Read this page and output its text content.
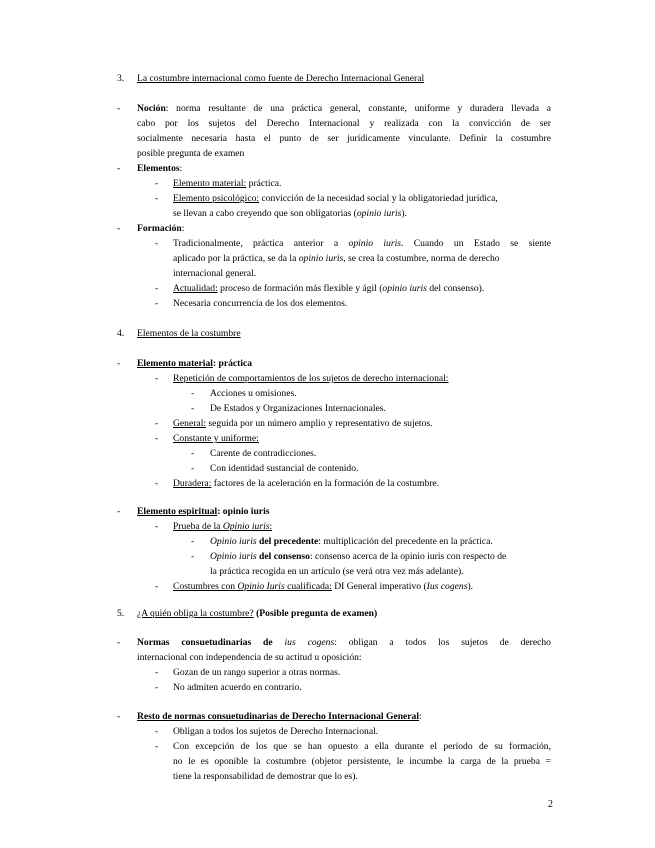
3. La costumbre internacional como fuente de Derecho Internacional General
- Noción: norma resultante de una práctica general, constante, uniforme y duradera llevada a
cabo por los sujetos del Derecho Internacional y realizada con la convicción de ser
socialmente necesaria hasta el punto de ser jurídicamente vinculante. Definir la costumbre
posible pregunta de examen
- Elementos:
- Elemento material: práctica.
- Elemento psicológico: convicción de la necesidad social y la obligatoriedad jurídica,
se llevan a cabo creyendo que son obligatorias (opinio iuris).
- Formación:
- Tradicionalmente, práctica anterior a opinio iuris. Cuando un Estado se siente
aplicado por la práctica, se da la opinio iuris, se crea la costumbre, norma de derecho
internacional general.
- Actualidad: proceso de formación más flexible y ágil (opinio iuris del consenso).
- Necesaria concurrencia de los dos elementos.
4. Elementos de la costumbre
- Elemento material: práctica
- Repetición de comportamientos de los sujetos de derecho internacional:
- Acciones u omisiones.
- De Estados y Organizaciones Internacionales.
- General: seguida por un número amplio y representativo de sujetos.
- Constante y uniforme:
- Carente de contradicciones.
- Con identidad sustancial de contenido.
- Duradera: factores de la aceleración en la formación de la costumbre.
- Elemento espiritual: opinio iuris
- Prueba de la Opinio iuris:
- Opinio iuris del precedente: multiplicación del precedente en la práctica.
- Opinio iuris del consenso: consenso acerca de la opinio iuris con respecto de
la práctica recogida en un artículo (se verá otra vez más adelante).
- Costumbres con Opinio Iuris cualificada: DI General imperativo (Ius cogens).
5. ¿A quién obliga la costumbre? (Posible pregunta de examen)
- Normas consuetudinarias de ius cogens: obligan a todos los sujetos de derecho
internacional con independencia de su actitud u oposición:
- Gozan de un rango superior a otras normas.
- No admiten acuerdo en contrario.
- Resto de normas consuetudinarias de Derecho Internacional General:
- Obligan a todos los sujetos de Derecho Internacional.
- Con excepción de los que se han opuesto a ella durante el período de su formación,
no le es oponible la costumbre (objetor persistente, le incumbe la carga de la prueba =
tiene la responsabilidad de demostrar que lo es).
2
